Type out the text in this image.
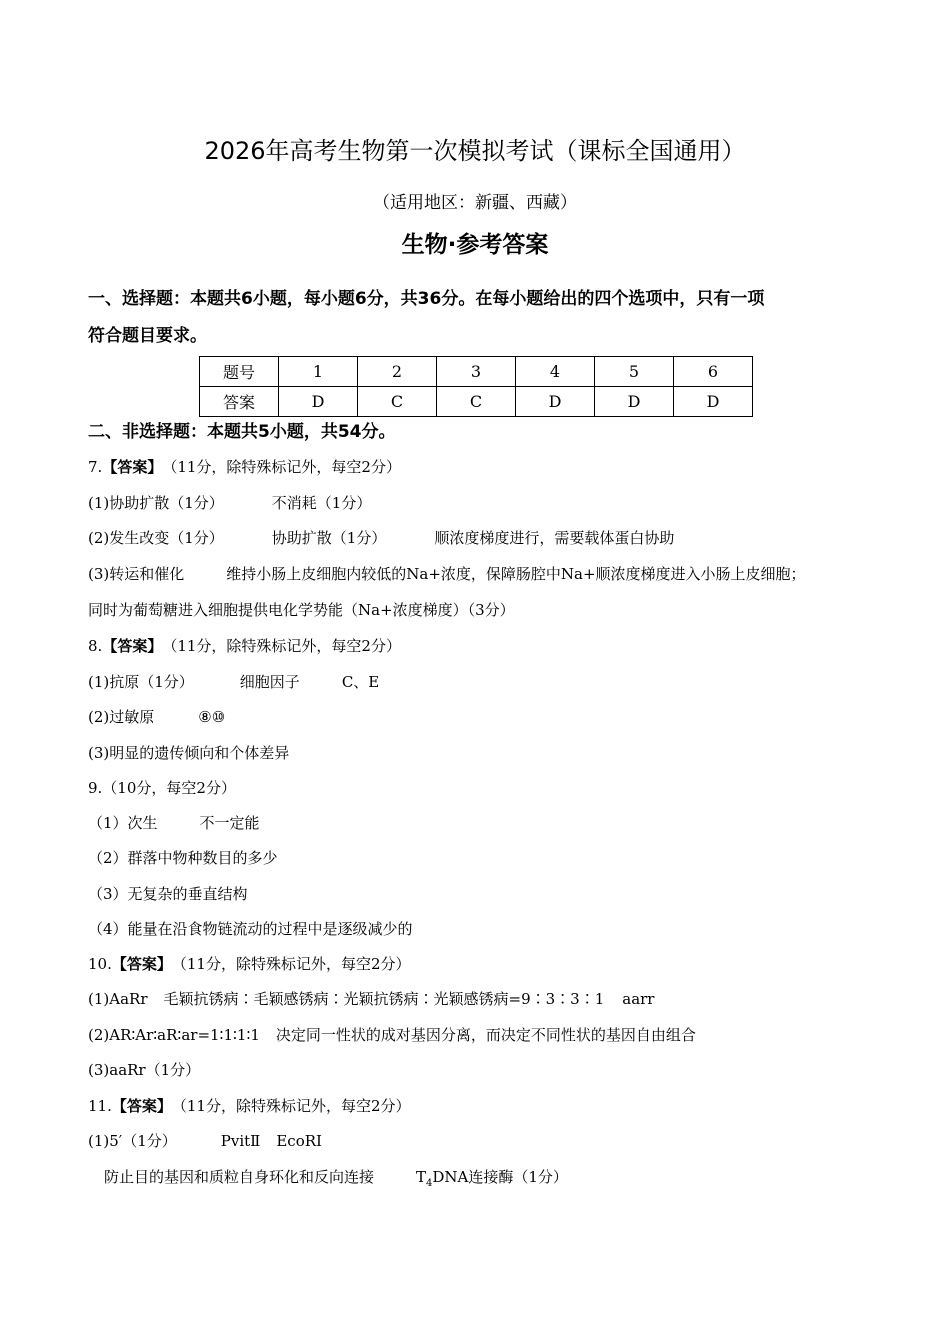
2026年高考生物第一次模拟考试（课标全国通用）
（适用地区：新疆、西藏）
生物·参考答案
一、选择题：本题共6小题，每小题6分，共36分。在每小题给出的四个选项中，只有一项
符合题目要求。
题号	1	2	3	4	5	6
答案	D	C	C	D	D	D
二、非选择题：本题共5小题，共54分。
7.【答案】（11分，除特殊标记外，每空2分）
(1)协助扩散（1分）	不消耗（1分）
(2)发生改变（1分）	协助扩散（1分）	顺浓度梯度进行，需要载体蛋白协助
(3)转运和催化	维持小肠上皮细胞内较低的Na+浓度，保障肠腔中Na+顺浓度梯度进入小肠上皮细胞；
同时为葡萄糖进入细胞提供电化学势能（Na+浓度梯度）（3分）
8.【答案】（11分，除特殊标记外，每空2分）
(1)抗原（1分）	细胞因子	C、E
(2)过敏原	⑧⑩
(3)明显的遗传倾向和个体差异
9.（10分，每空2分）
（1）次生	不一定能
（2）群落中物种数目的多少
（3）无复杂的垂直结构
（4）能量在沿食物链流动的过程中是逐级减少的
10.【答案】（11分，除特殊标记外，每空2分）
(1)AaRr 毛颖抗锈病∶毛颖感锈病∶光颖抗锈病∶光颖感锈病=9∶3∶3∶1 aarr
(2)AR∶Ar∶aR∶ar=1∶1∶1∶1 决定同一性状的成对基因分离，而决定不同性状的基因自由组合
(3)aaRr（1分）
11.【答案】（11分，除特殊标记外，每空2分）
(1)5′（1分）	PvitⅡ EcoRⅠ
防止目的基因和质粒自身环化和反向连接	$T_4DNA$连接酶（1分）
